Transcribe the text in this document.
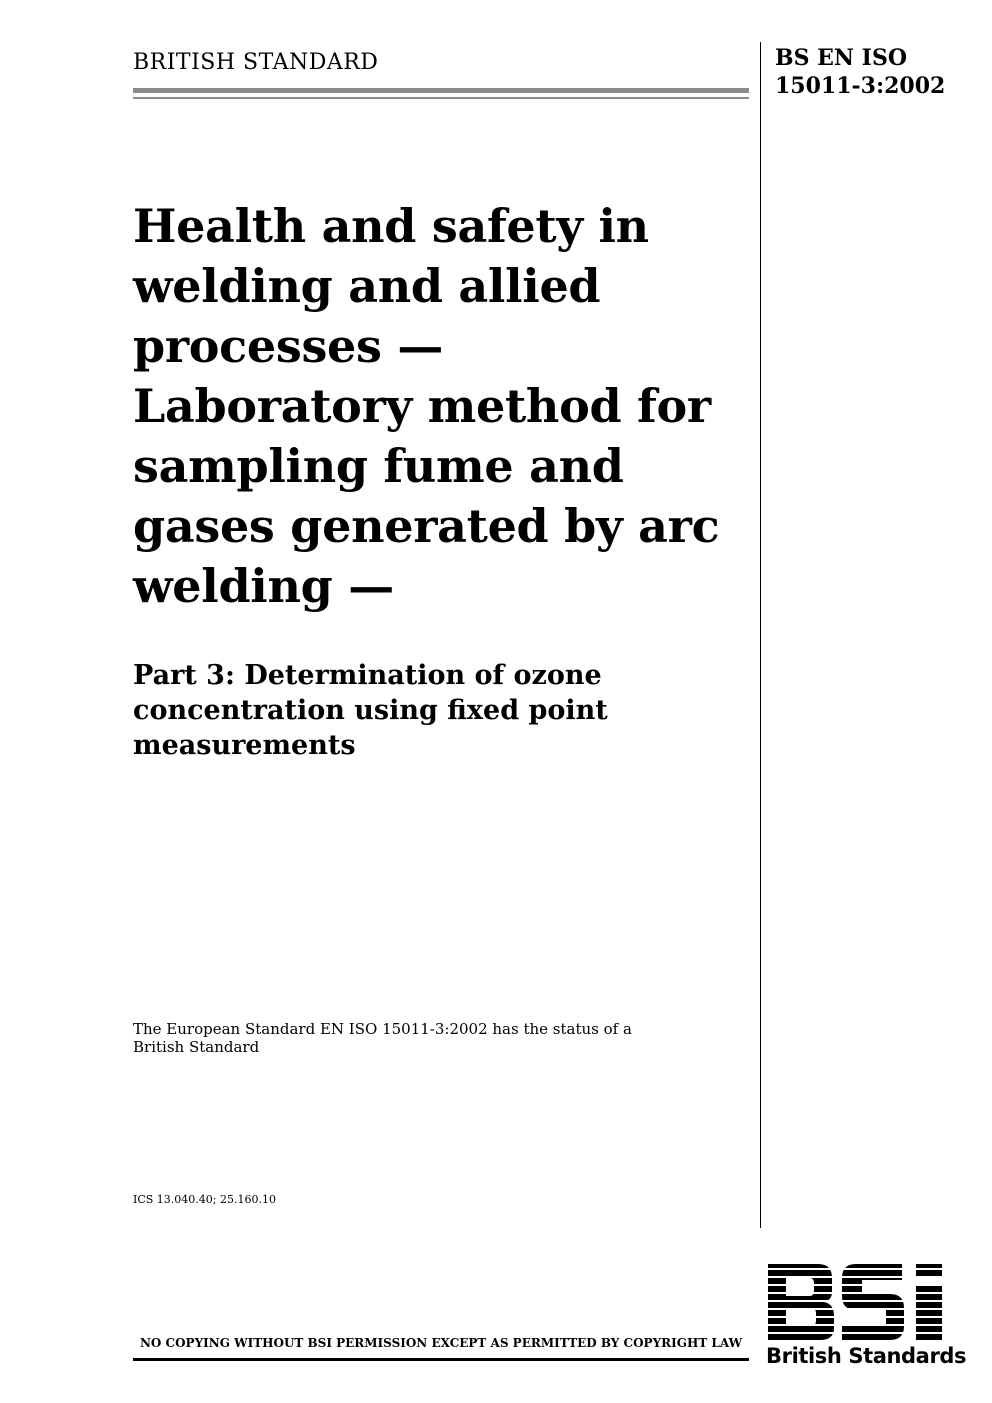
BRITISH STANDARD	BS EN ISO
15011-3:2002
Health and safety in
welding and allied
processes —
Laboratory method for
sampling fume and
gases generated by arc
welding —
Part 3: Determination of ozone
concentration using fixed point
measurements
The European Standard EN ISO 15011-3:2002 has the status of a
British Standard
ICS 13.040.40; 25.160.10
NO COPYING WITHOUT BSI PERMISSION EXCEPT AS PERMITTED BY COPYRIGHT LAW
British Standards
